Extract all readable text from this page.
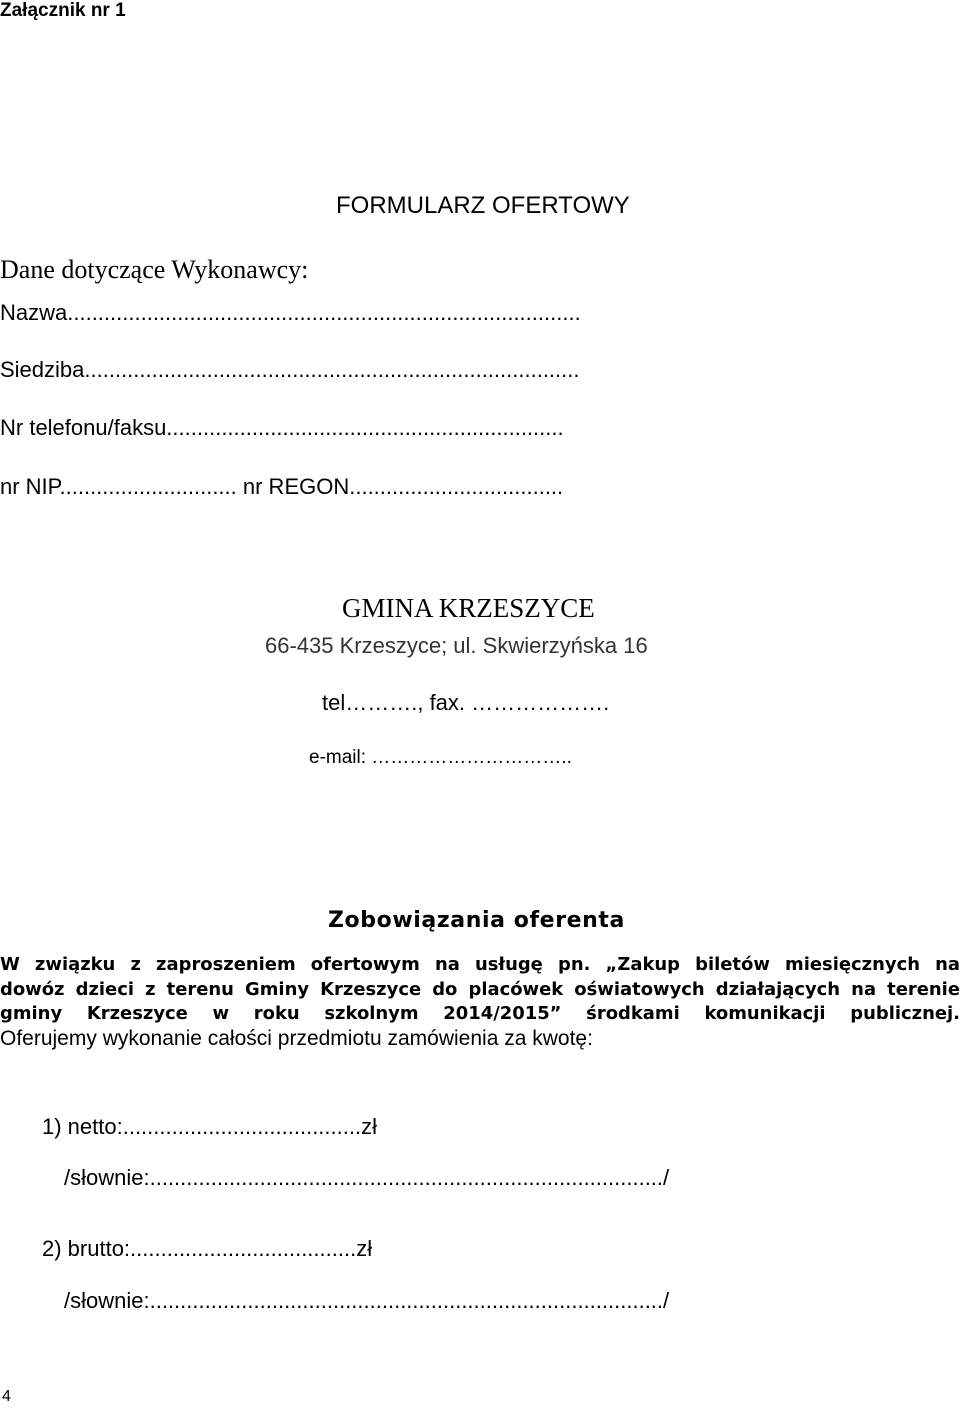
Załącznik nr 1
FORMULARZ OFERTOWY
Dane dotyczące Wykonawcy:
Nazwa....................................................................................
Siedziba.................................................................................
Nr telefonu/faksu.................................................................
nr NIP............................. nr REGON...................................
GMINA KRZESZYCE
66-435 Krzeszyce; ul. Skwierzyńska 16
tel………., fax. ……………….
e-mail: …………………………..
Zobowiązania oferenta
W związku z zaproszeniem ofertowym na usługę pn. „Zakup biletów miesięcznych na
dowóz dzieci z terenu Gminy Krzeszyce do placówek oświatowych działających na terenie
gminy Krzeszyce w roku szkolnym 2014/2015” środkami komunikacji publicznej.
Oferujemy wykonanie całości przedmiotu zamówienia za kwotę:
1) netto:.......................................zł
/słownie:..................................................................................../
2) brutto:.....................................zł
/słownie:..................................................................................../
4
